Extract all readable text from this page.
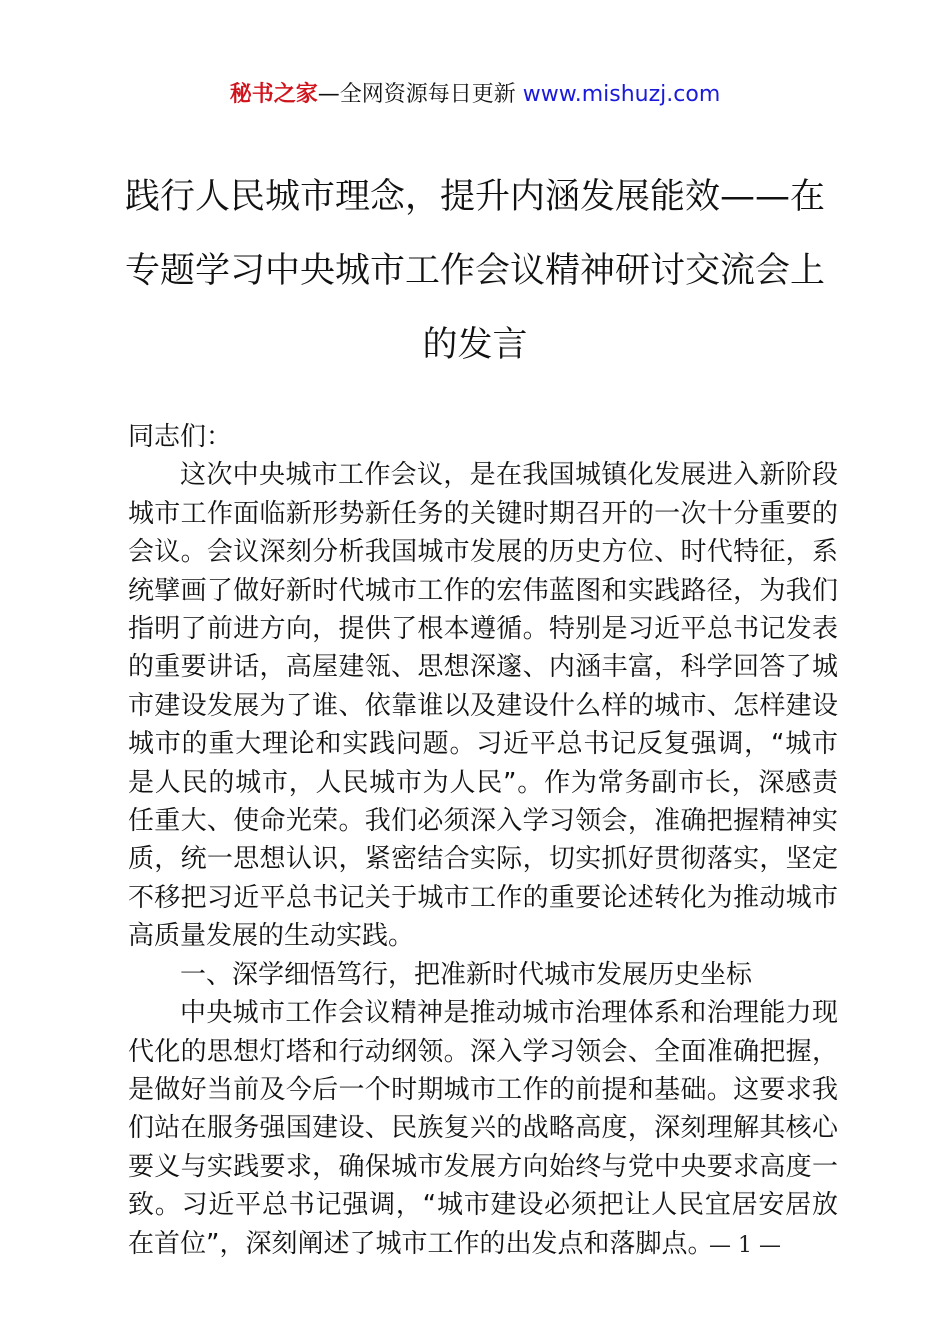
秘书之家—全网资源每日更新 www.mishuzj.com
践行人民城市理念，提升内涵发展能效——在专题学习中央城市工作会议精神研讨交流会上的发言

同志们：

这次中央城市工作会议，是在我国城镇化发展进入新阶段城市工作面临新形势新任务的关键时期召开的一次十分重要的会议。会议深刻分析我国城市发展的历史方位、时代特征，系统擘画了做好新时代城市工作的宏伟蓝图和实践路径，为我们指明了前进方向，提供了根本遵循。特别是习近平总书记发表的重要讲话，高屋建瓴、思想深邃、内涵丰富，科学回答了城市建设发展为了谁、依靠谁以及建设什么样的城市、怎样建设城市的重大理论和实践问题。习近平总书记反复强调，“城市是人民的城市，人民城市为人民”。作为常务副市长，深感责任重大、使命光荣。我们必须深入学习领会，准确把握精神实质，统一思想认识，紧密结合实际，切实抓好贯彻落实，坚定不移把习近平总书记关于城市工作的重要论述转化为推动城市高质量发展的生动实践。

一、深学细悟笃行，把准新时代城市发展历史坐标

中央城市工作会议精神是推动城市治理体系和治理能力现代化的思想灯塔和行动纲领。深入学习领会、全面准确把握，是做好当前及今后一个时期城市工作的前提和基础。这要求我们站在服务强国建设、民族复兴的战略高度，深刻理解其核心要义与实践要求，确保城市发展方向始终与党中央要求高度一致。习近平总书记强调，“城市建设必须把让人民宜居安居放在首位”，深刻阐述了城市工作的出发点和落脚点。

— 1 —
